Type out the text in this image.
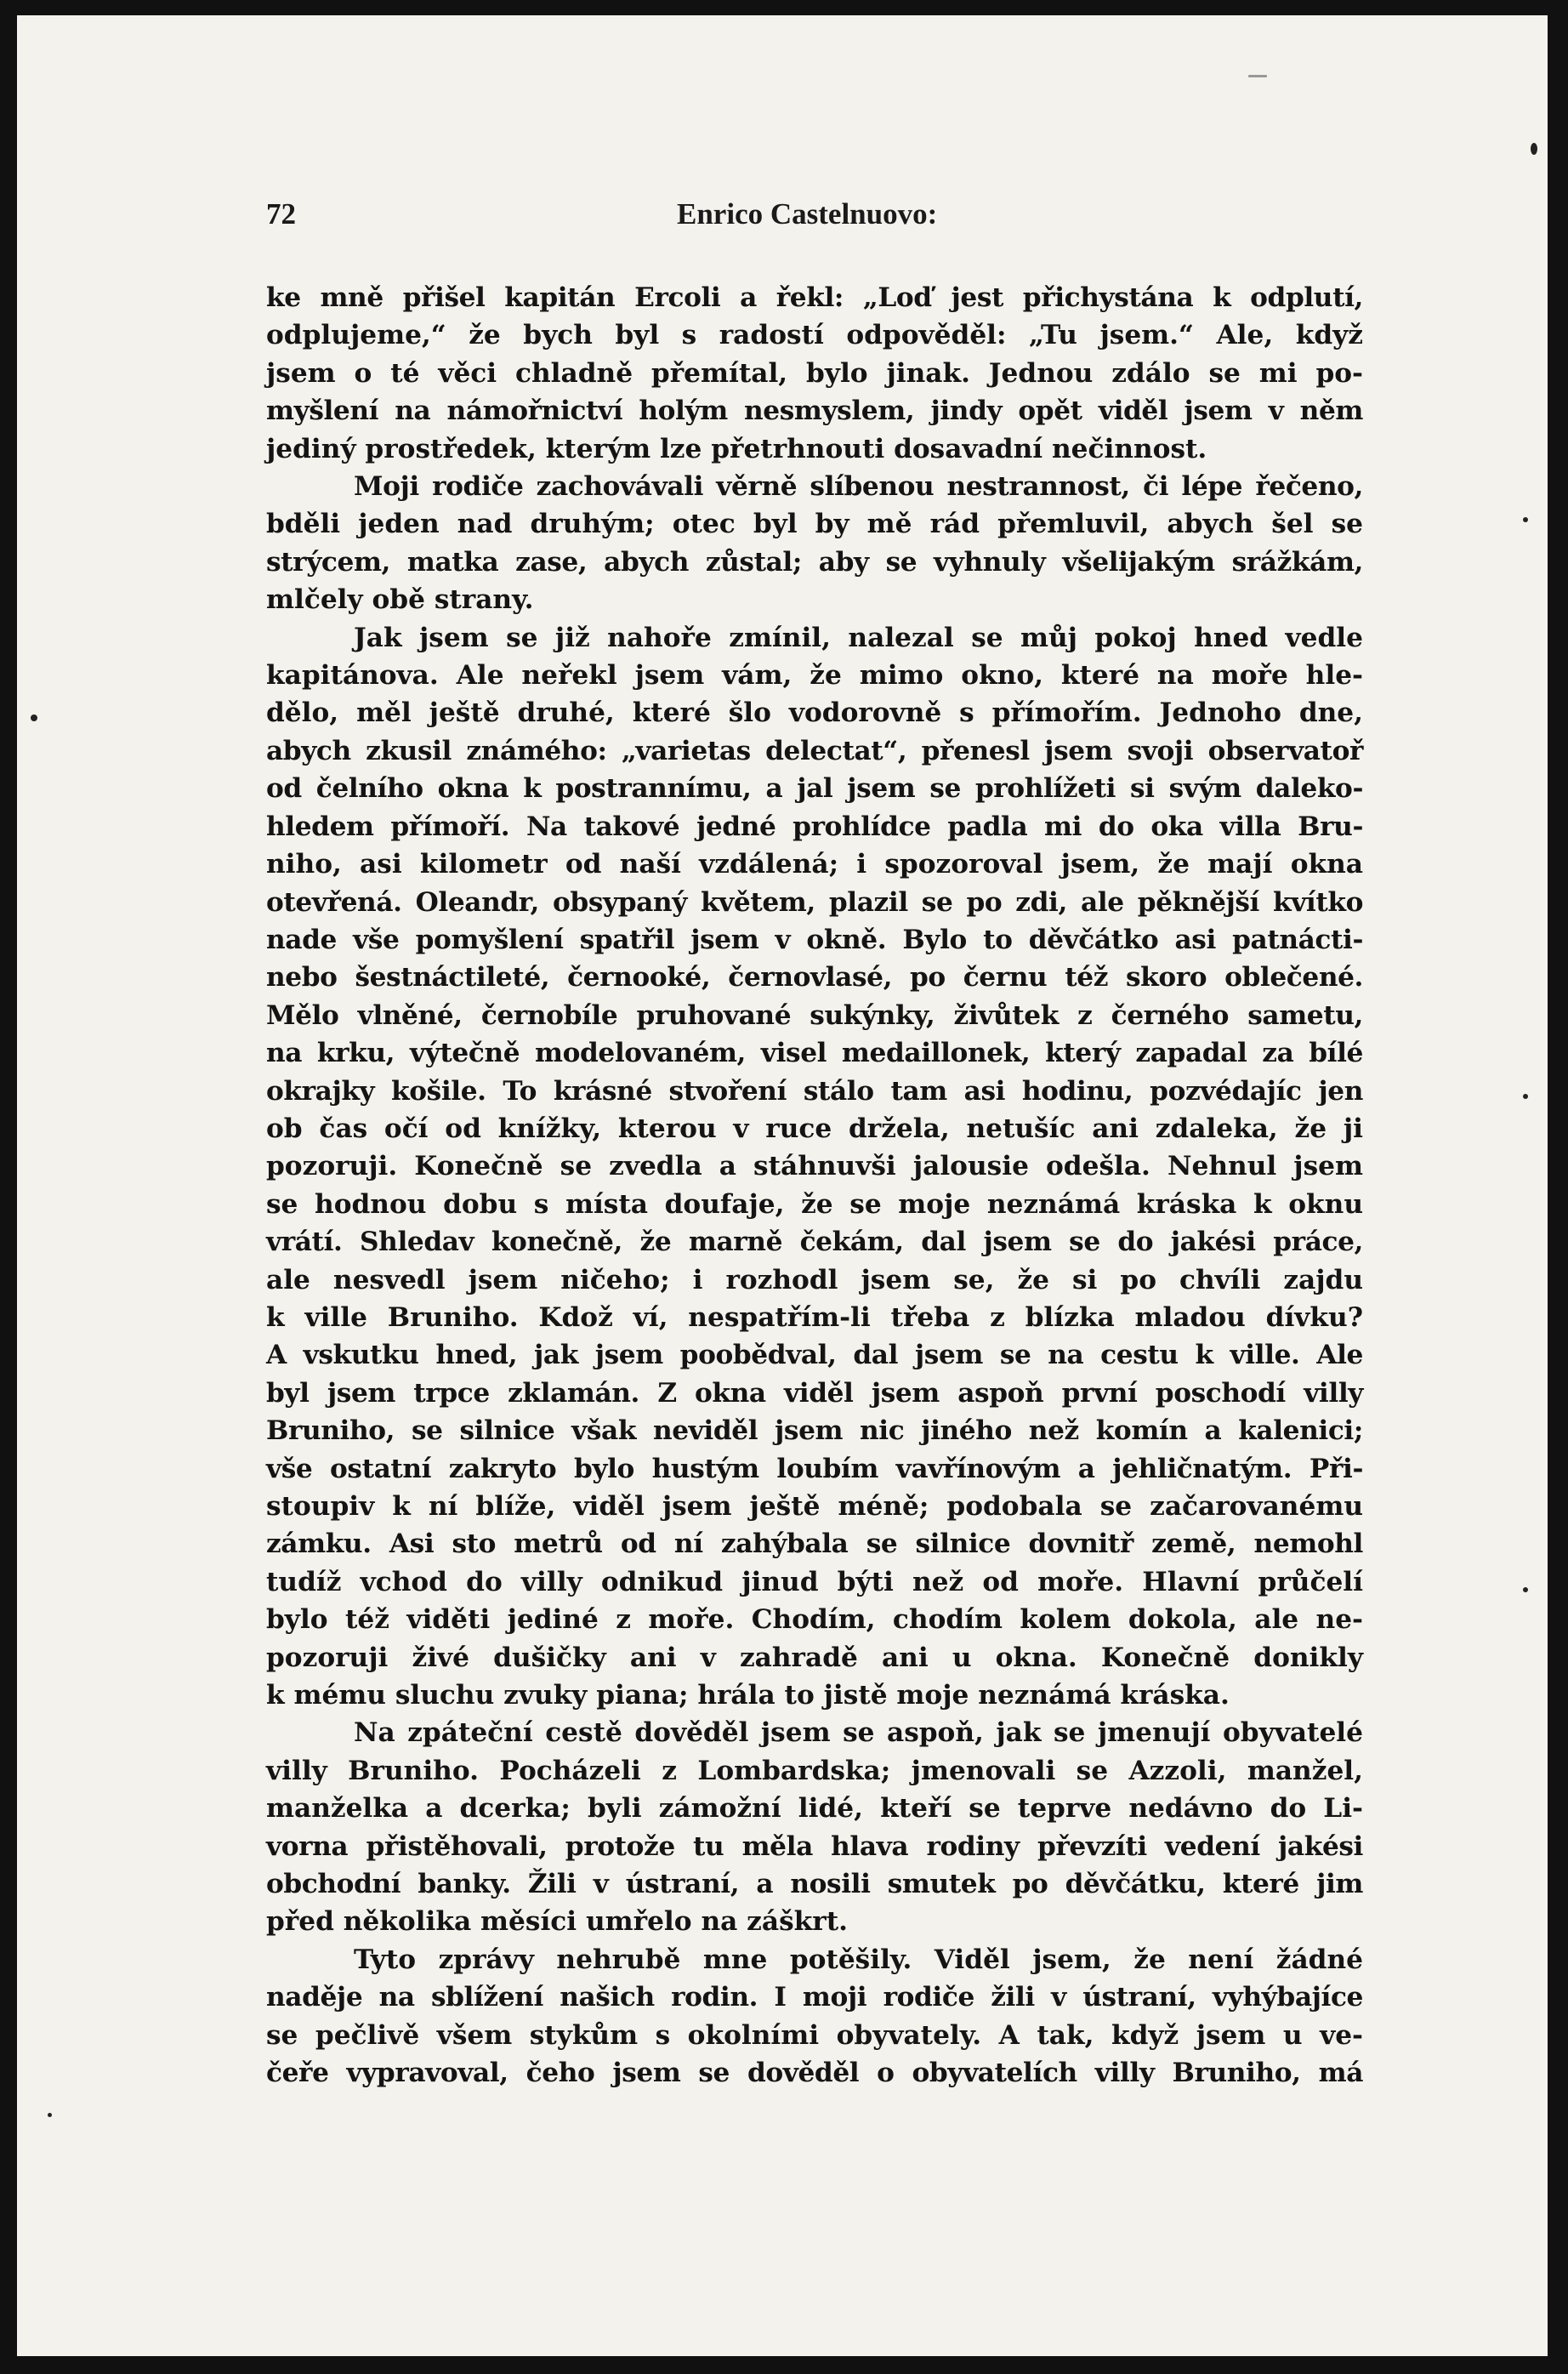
72	Enrico Castelnuovo:

ke mně přišel kapitán Ercoli a řekl: „Loď jest přichystána k odplutí,

odplujeme,“ že bych byl s radostí odpověděl: „Tu jsem.“ Ale, když

jsem o té věci chladně přemítal, bylo jinak. Jednou zdálo se mi po-

myšlení na námořnictví holým nesmyslem, jindy opět viděl jsem v něm

jediný prostředek, kterým lze přetrhnouti dosavadní nečinnost.

Moji rodiče zachovávali věrně slíbenou nestrannost, či lépe řečeno,

bděli jeden nad druhým; otec byl by mě rád přemluvil, abych šel se

strýcem, matka zase, abych zůstal; aby se vyhnuly všelijakým srážkám,

mlčely obě strany.

Jak jsem se již nahoře zmínil, nalezal se můj pokoj hned vedle

kapitánova. Ale neřekl jsem vám, že mimo okno, které na moře hle-

dělo, měl ještě druhé, které šlo vodorovně s přímořím. Jednoho dne,

abych zkusil známého: „varietas delectat“, přenesl jsem svoji observatoř

od čelního okna k postrannímu, a jal jsem se prohlížeti si svým daleko-

hledem přímoří. Na takové jedné prohlídce padla mi do oka villa Bru-

niho, asi kilometr od naší vzdálená; i spozoroval jsem, že mají okna

otevřená. Oleandr, obsypaný květem, plazil se po zdi, ale pěknější kvítko

nade vše pomyšlení spatřil jsem v okně. Bylo to děvčátko asi patnácti-

nebo šestnáctileté, černooké, černovlasé, po černu též skoro oblečené.

Mělo vlněné, černobíle pruhované sukýnky, živůtek z černého sametu,

na krku, výtečně modelovaném, visel medaillonek, který zapadal za bílé

okrajky košile. To krásné stvoření stálo tam asi hodinu, pozvédajíc jen

ob čas očí od knížky, kterou v ruce držela, netušíc ani zdaleka, že ji

pozoruji. Konečně se zvedla a stáhnuvši jalousie odešla. Nehnul jsem

se hodnou dobu s místa doufaje, že se moje neznámá kráska k oknu

vrátí. Shledav konečně, že marně čekám, dal jsem se do jakési práce,

ale nesvedl jsem ničeho; i rozhodl jsem se, že si po chvíli zajdu

k ville Bruniho. Kdož ví, nespatřím-li třeba z blízka mladou dívku?

A vskutku hned, jak jsem poobědval, dal jsem se na cestu k ville. Ale

byl jsem trpce zklamán. Z okna viděl jsem aspoň první poschodí villy

Bruniho, se silnice však neviděl jsem nic jiného než komín a kalenici;

vše ostatní zakryto bylo hustým loubím vavřínovým a jehličnatým. Při-

stoupiv k ní blíže, viděl jsem ještě méně; podobala se začarovanému

zámku. Asi sto metrů od ní zahýbala se silnice dovnitř země, nemohl

tudíž vchod do villy odnikud jinud býti než od moře. Hlavní průčelí

bylo též viděti jediné z moře. Chodím, chodím kolem dokola, ale ne-

pozoruji živé dušičky ani v zahradě ani u okna. Konečně donikly

k mému sluchu zvuky piana; hrála to jistě moje neznámá kráska.

Na zpáteční cestě dověděl jsem se aspoň, jak se jmenují obyvatelé

villy Bruniho. Pocházeli z Lombardska; jmenovali se Azzoli, manžel,

manželka a dcerka; byli zámožní lidé, kteří se teprve nedávno do Li-

vorna přistěhovali, protože tu měla hlava rodiny převzíti vedení jakési

obchodní banky. Žili v ústraní, a nosili smutek po děvčátku, které jim

před několika měsíci umřelo na záškrt.

Tyto zprávy nehrubě mne potěšily. Viděl jsem, že není žádné

naděje na sblížení našich rodin. I moji rodiče žili v ústraní, vyhýbajíce

se pečlivě všem stykům s okolními obyvately. A tak, když jsem u ve-

čeře vypravoval, čeho jsem se dověděl o obyvatelích villy Bruniho, má
